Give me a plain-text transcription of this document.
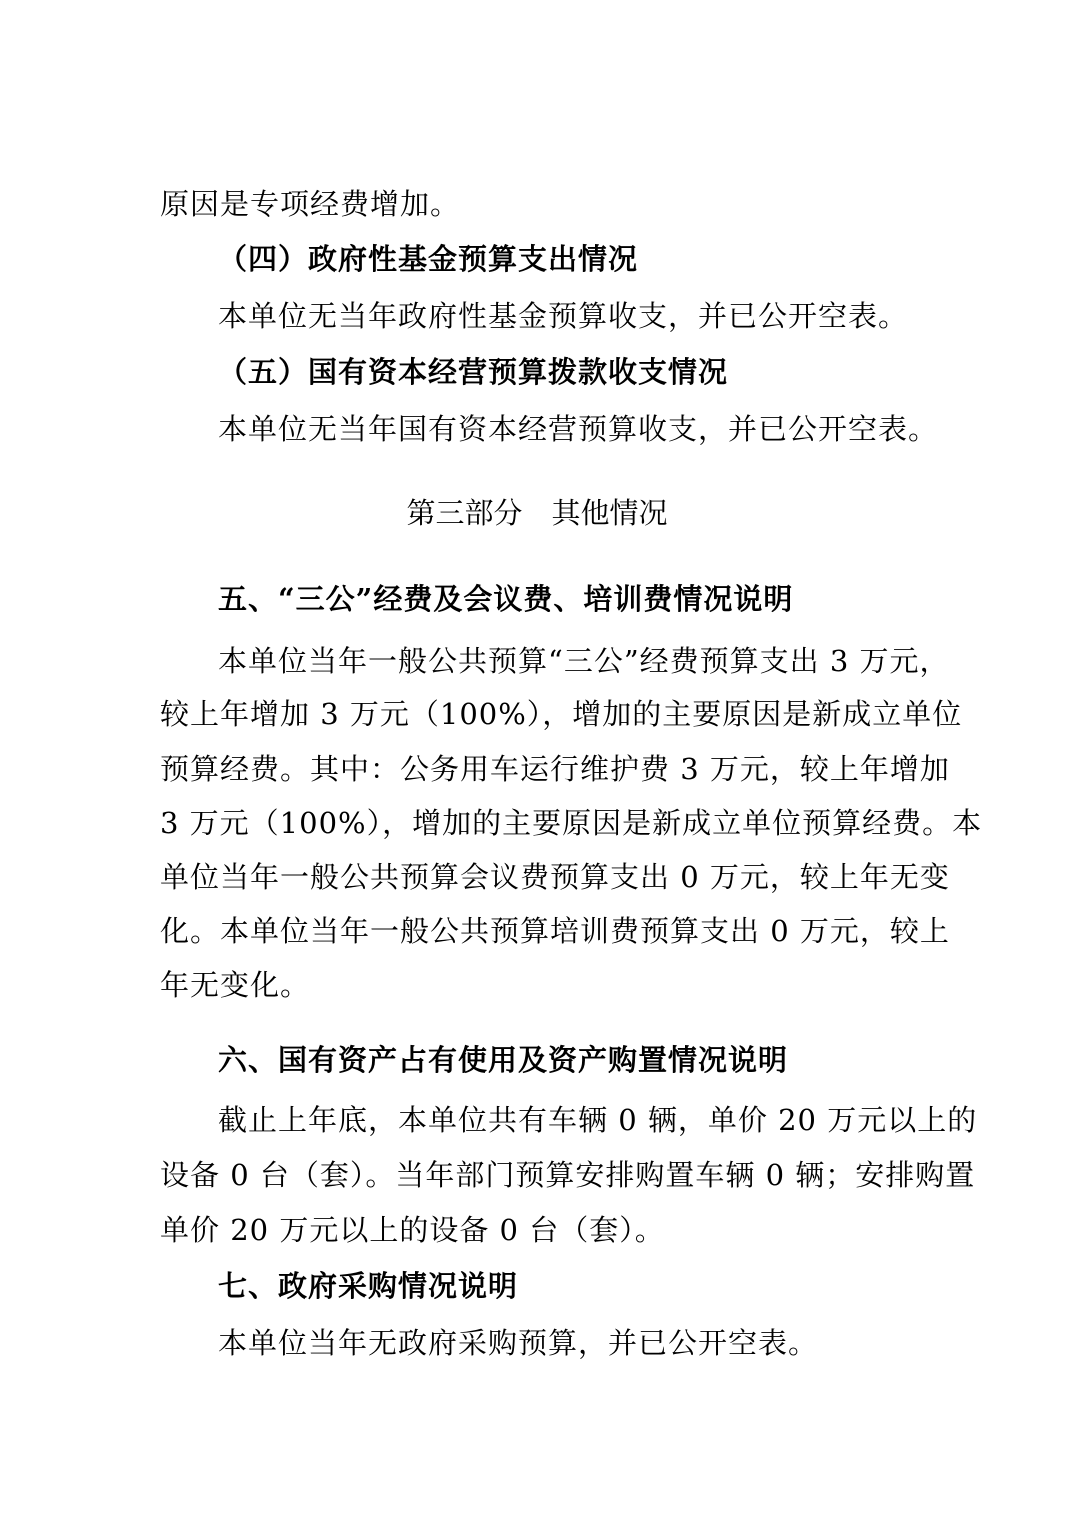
原因是专项经费增加。
（四）政府性基金预算支出情况
本单位无当年政府性基金预算收支，并已公开空表。
（五）国有资本经营预算拨款收支情况
本单位无当年国有资本经营预算收支，并已公开空表。
第三部分　其他情况
五、“三公”经费及会议费、培训费情况说明
本单位当年一般公共预算“三公”经费预算支出 3 万元，
较上年增加 3 万元（100%），增加的主要原因是新成立单位
预算经费。其中：公务用车运行维护费 3 万元，较上年增加
3 万元（100%），增加的主要原因是新成立单位预算经费。本
单位当年一般公共预算会议费预算支出 0 万元，较上年无变
化。本单位当年一般公共预算培训费预算支出 0 万元，较上
年无变化。
六、国有资产占有使用及资产购置情况说明
截止上年底，本单位共有车辆 0 辆，单价 20 万元以上的
设备 0 台（套）。当年部门预算安排购置车辆 0 辆；安排购置
单价 20 万元以上的设备 0 台（套）。
七、政府采购情况说明
本单位当年无政府采购预算，并已公开空表。
